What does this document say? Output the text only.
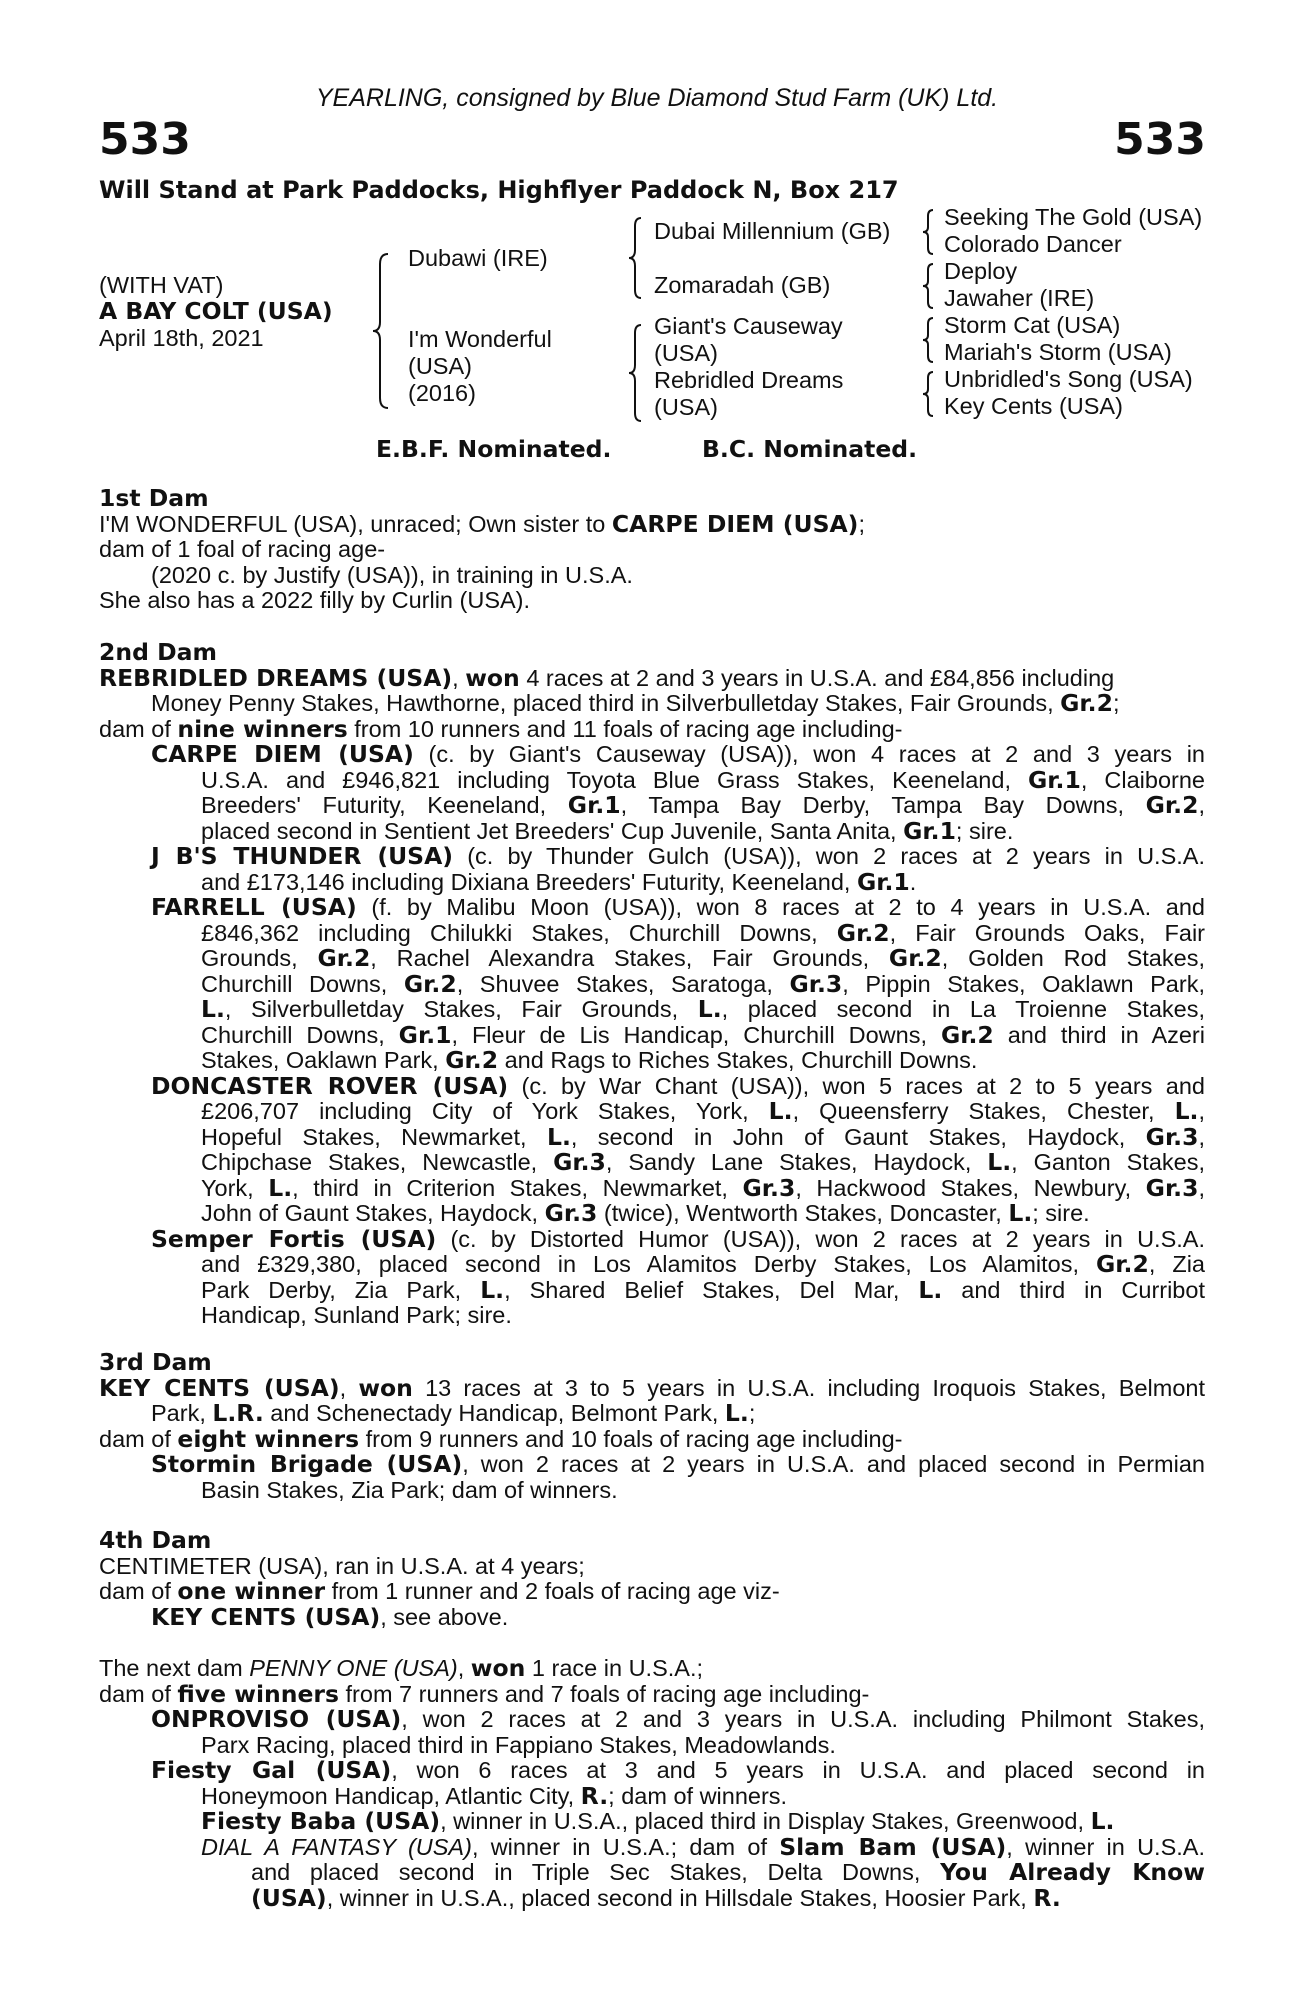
YEARLING, consigned by Blue Diamond Stud Farm (UK) Ltd.
533	533
Will Stand at Park Paddocks, Highflyer Paddock N, Box 217
(WITH VAT)
A BAY COLT (USA)
April 18th, 2021
Dubawi (IRE)
I'm Wonderful
(USA)
(2016)
Dubai Millennium (GB)
Zomaradah (GB)
Giant's Causeway
(USA)
Rebridled Dreams
(USA)
Seeking The Gold (USA)
Colorado Dancer
Deploy
Jawaher (IRE)
Storm Cat (USA)
Mariah's Storm (USA)
Unbridled's Song (USA)
Key Cents (USA)
E.B.F. Nominated.	B.C. Nominated.
1st Dam
I'M WONDERFUL (USA), unraced; Own sister to CARPE DIEM (USA);
dam of 1 foal of racing age-
(2020 c. by Justify (USA)), in training in U.S.A.
She also has a 2022 filly by Curlin (USA).
2nd Dam
REBRIDLED DREAMS (USA), won 4 races at 2 and 3 years in U.S.A. and £84,856 including
Money Penny Stakes, Hawthorne, placed third in Silverbulletday Stakes, Fair Grounds, Gr.2;
dam of nine winners from 10 runners and 11 foals of racing age including-
CARPE DIEM (USA) (c. by Giant's Causeway (USA)), won 4 races at 2 and 3 years in
U.S.A. and £946,821 including Toyota Blue Grass Stakes, Keeneland, Gr.1, Claiborne
Breeders' Futurity, Keeneland, Gr.1, Tampa Bay Derby, Tampa Bay Downs, Gr.2,
placed second in Sentient Jet Breeders' Cup Juvenile, Santa Anita, Gr.1; sire.
J B'S THUNDER (USA) (c. by Thunder Gulch (USA)), won 2 races at 2 years in U.S.A.
and £173,146 including Dixiana Breeders' Futurity, Keeneland, Gr.1.
FARRELL (USA) (f. by Malibu Moon (USA)), won 8 races at 2 to 4 years in U.S.A. and
£846,362 including Chilukki Stakes, Churchill Downs, Gr.2, Fair Grounds Oaks, Fair
Grounds, Gr.2, Rachel Alexandra Stakes, Fair Grounds, Gr.2, Golden Rod Stakes,
Churchill Downs, Gr.2, Shuvee Stakes, Saratoga, Gr.3, Pippin Stakes, Oaklawn Park,
L., Silverbulletday Stakes, Fair Grounds, L., placed second in La Troienne Stakes,
Churchill Downs, Gr.1, Fleur de Lis Handicap, Churchill Downs, Gr.2 and third in Azeri
Stakes, Oaklawn Park, Gr.2 and Rags to Riches Stakes, Churchill Downs.
DONCASTER ROVER (USA) (c. by War Chant (USA)), won 5 races at 2 to 5 years and
£206,707 including City of York Stakes, York, L., Queensferry Stakes, Chester, L.,
Hopeful Stakes, Newmarket, L., second in John of Gaunt Stakes, Haydock, Gr.3,
Chipchase Stakes, Newcastle, Gr.3, Sandy Lane Stakes, Haydock, L., Ganton Stakes,
York, L., third in Criterion Stakes, Newmarket, Gr.3, Hackwood Stakes, Newbury, Gr.3,
John of Gaunt Stakes, Haydock, Gr.3 (twice), Wentworth Stakes, Doncaster, L.; sire.
Semper Fortis (USA) (c. by Distorted Humor (USA)), won 2 races at 2 years in U.S.A.
and £329,380, placed second in Los Alamitos Derby Stakes, Los Alamitos, Gr.2, Zia
Park Derby, Zia Park, L., Shared Belief Stakes, Del Mar, L. and third in Curribot
Handicap, Sunland Park; sire.
3rd Dam
KEY CENTS (USA), won 13 races at 3 to 5 years in U.S.A. including Iroquois Stakes, Belmont
Park, L.R. and Schenectady Handicap, Belmont Park, L.;
dam of eight winners from 9 runners and 10 foals of racing age including-
Stormin Brigade (USA), won 2 races at 2 years in U.S.A. and placed second in Permian
Basin Stakes, Zia Park; dam of winners.
4th Dam
CENTIMETER (USA), ran in U.S.A. at 4 years;
dam of one winner from 1 runner and 2 foals of racing age viz-
KEY CENTS (USA), see above.
The next dam PENNY ONE (USA), won 1 race in U.S.A.;
dam of five winners from 7 runners and 7 foals of racing age including-
ONPROVISO (USA), won 2 races at 2 and 3 years in U.S.A. including Philmont Stakes,
Parx Racing, placed third in Fappiano Stakes, Meadowlands.
Fiesty Gal (USA), won 6 races at 3 and 5 years in U.S.A. and placed second in
Honeymoon Handicap, Atlantic City, R.; dam of winners.
Fiesty Baba (USA), winner in U.S.A., placed third in Display Stakes, Greenwood, L.
DIAL A FANTASY (USA), winner in U.S.A.; dam of Slam Bam (USA), winner in U.S.A.
and placed second in Triple Sec Stakes, Delta Downs, You Already Know
(USA), winner in U.S.A., placed second in Hillsdale Stakes, Hoosier Park, R.
